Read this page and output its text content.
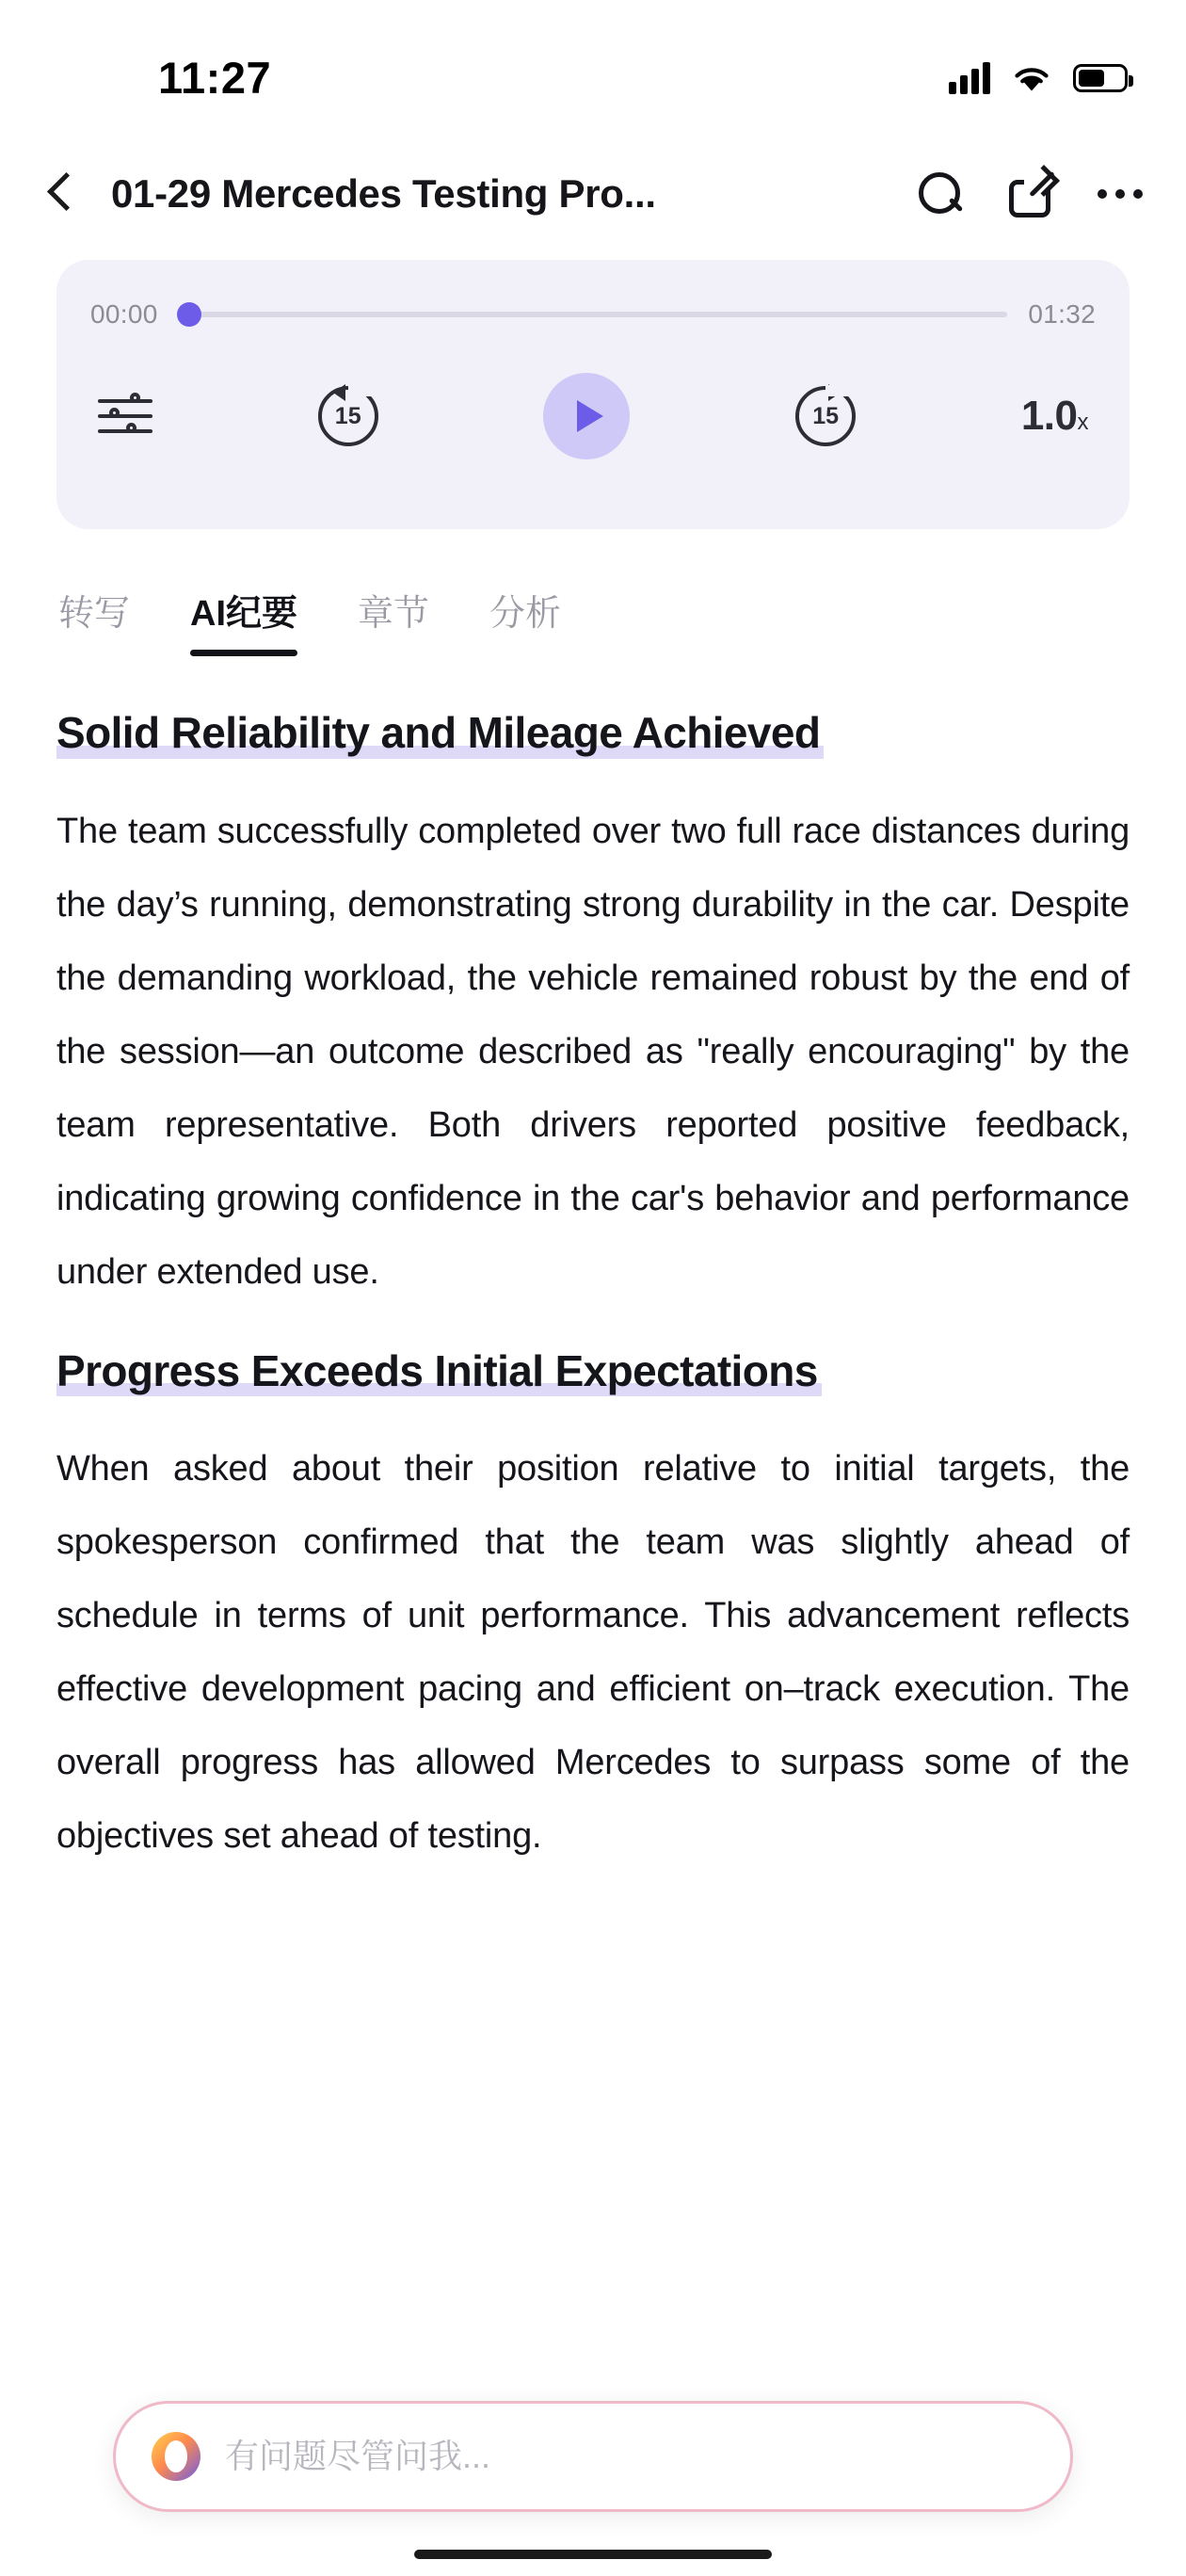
11:27
01-29 Mercedes Testing Pro...
00:00	01:32
15	15	1.0x
转写 AI纪要 章节 分析
Solid Reliability and Mileage Achieved

The team successfully completed over two full race distances during the day’s running, demonstrating strong durability in the car. Despite the demanding workload, the vehicle remained robust by the end of the session—an outcome described as "really encouraging" by the team representative. Both drivers reported positive feedback, indicating growing confidence in the car's behavior and performance under extended use.

Progress Exceeds Initial Expectations

When asked about their position relative to initial targets, the spokesperson confirmed that the team was slightly ahead of schedule in terms of unit performance. This advancement reflects effective development pacing and efficient on–track execution. The overall progress has allowed Mercedes to surpass some of the objectives set ahead of testing.

有问题尽管问我...
